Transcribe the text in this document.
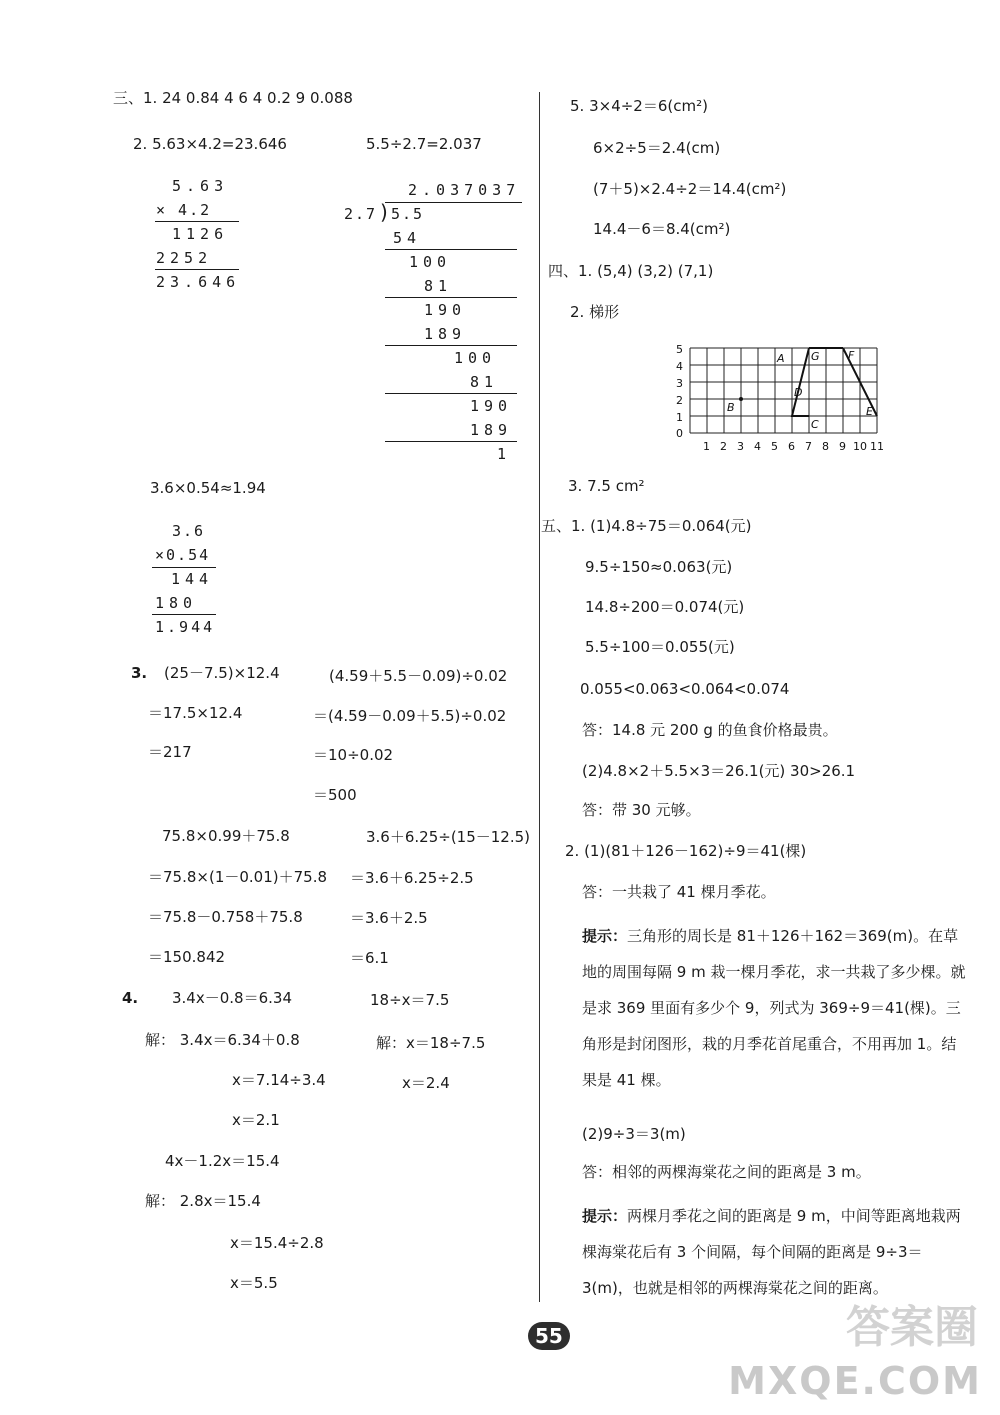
三、1. 24 0.84 4 6 4 0.2 9 0.088
2. 5.63×4.2=23.646	5.5÷2.7=2.037
5.63
× 4.2
1126
2252
23.646
2.037037
2.7 ) 5.5
54
100
81
190
189
100
81
190
189
1
3.6×0.54≈1.94
3.6
×0.54
144
180
1.944
3. (25－7.5)×12.4
＝17.5×12.4
＝217
(4.59＋5.5－0.09)÷0.02
＝(4.59－0.09＋5.5)÷0.02
＝10÷0.02
＝500
75.8×0.99＋75.8
＝75.8×(1－0.01)＋75.8
＝75.8－0.758＋75.8
＝150.842
3.6＋6.25÷(15－12.5)
＝3.6＋6.25÷2.5
＝3.6＋2.5
＝6.1
4. 3.4x－0.8＝6.34
解： 3.4x＝6.34＋0.8
x＝7.14÷3.4
x＝2.1
18÷x＝7.5
解：x＝18÷7.5
x＝2.4
4x－1.2x＝15.4
解： 2.8x＝15.4
x＝15.4÷2.8
x＝5.5
5. 3×4÷2＝6(cm²)
6×2÷5＝2.4(cm)
(7＋5)×2.4÷2＝14.4(cm²)
14.4－6＝8.4(cm²)
四、1. (5,4) (3,2) (7,1)
2. 梯形
A
B
C
D
E
F
G
5
4
3
2
1
0
1 2 3 4 5 6 7 8 9 10 11
3. 7.5 cm²
五、1. (1)4.8÷75＝0.064(元)
9.5÷150≈0.063(元)
14.8÷200＝0.074(元)
5.5÷100＝0.055(元)
0.055<0.063<0.064<0.074
答：14.8 元 200 g 的鱼食价格最贵。
(2)4.8×2＋5.5×3＝26.1(元) 30>26.1
答：带 30 元够。
2. (1)(81＋126－162)÷9＝41(棵)
答：一共栽了 41 棵月季花。
提示：三角形的周长是 81＋126＋162＝369(m)。在草地的周围每隔 9 m 栽一棵月季花，求一共栽了多少棵。就是求 369 里面有多少个 9，列式为 369÷9＝41(棵)。三角形是封闭图形，栽的月季花首尾重合，不用再加 1。结果是 41 棵。
(2)9÷3＝3(m)
答：相邻的两棵海棠花之间的距离是 3 m。
提示：两棵月季花之间的距离是 9 m，中间等距离地栽两棵海棠花后有 3 个间隔，每个间隔的距离是 9÷3＝3(m)，也就是相邻的两棵海棠花之间的距离。
55	答案圈
MXQE.COM
